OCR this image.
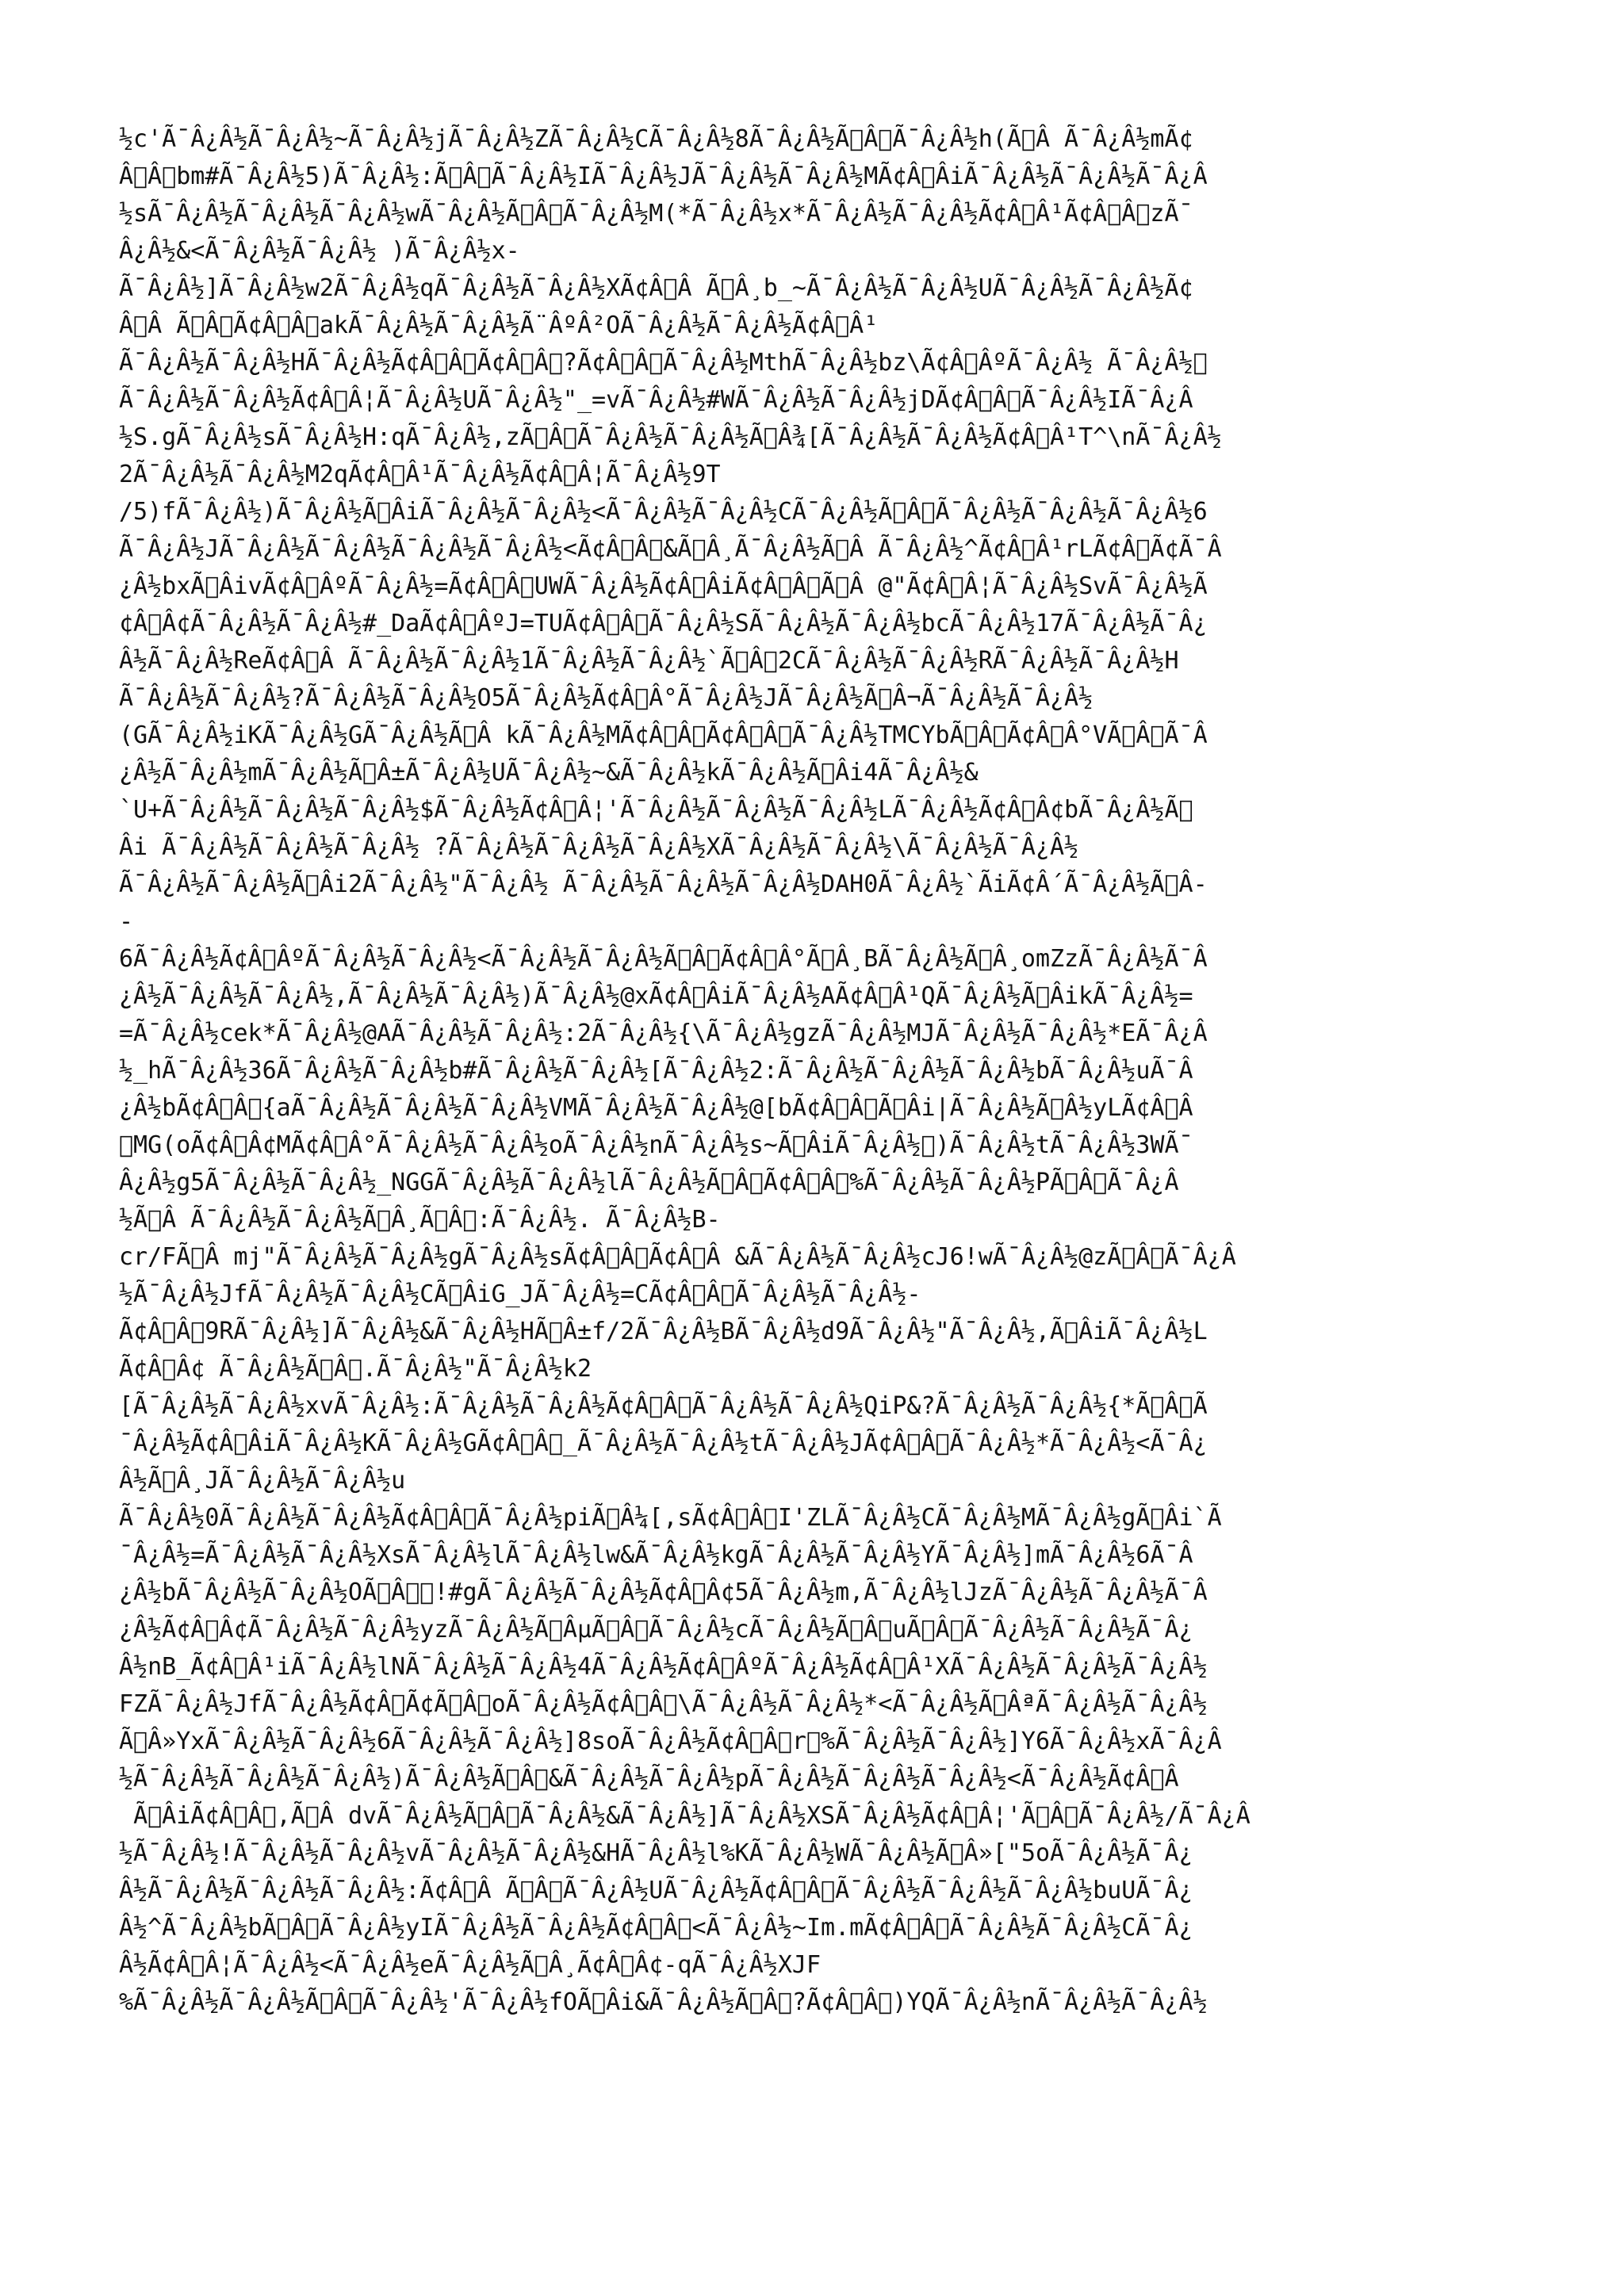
½c'Ã¯Â¿Â½Ã¯Â¿Â½~Ã¯Â¿Â½jÃ¯Â¿Â½ZÃ¯Â¿Â½CÃ¯Â¿Â½8Ã¯Â¿Â½Ã Â Ã¯Â¿Â½h(Ã Â Ã¯Â¿Â½mÃ¢
Â Â bm#Ã¯Â¿Â½5)Ã¯Â¿Â½:Ã Â Ã¯Â¿Â½IÃ¯Â¿Â½JÃ¯Â¿Â½Ã¯Â¿Â½MÃ¢Â ÂiÃ¯Â¿Â½Ã¯Â¿Â½Ã¯Â¿Â
½sÃ¯Â¿Â½Ã¯Â¿Â½Ã¯Â¿Â½wÃ¯Â¿Â½Ã Â Ã¯Â¿Â½M(*Ã¯Â¿Â½x*Ã¯Â¿Â½Ã¯Â¿Â½Ã¢Â Â¹Ã¢Â Â zÃ¯
Â¿Â½&<Ã¯Â¿Â½Ã¯Â¿Â½ )Ã¯Â¿Â½x-
Ã¯Â¿Â½]Ã¯Â¿Â½w2Ã¯Â¿Â½qÃ¯Â¿Â½Ã¯Â¿Â½XÃ¢Â Â Ã Â¸b_~Ã¯Â¿Â½Ã¯Â¿Â½UÃ¯Â¿Â½Ã¯Â¿Â½Ã¢
Â Â Ã Â Ã¢Â Â akÃ¯Â¿Â½Ã¯Â¿Â½Ã¨ÂºÂ²OÃ¯Â¿Â½Ã¯Â¿Â½Ã¢Â Â¹
Ã¯Â¿Â½Ã¯Â¿Â½HÃ¯Â¿Â½Ã¢Â Â Ã¢Â Â ?Ã¢Â Â Ã¯Â¿Â½MthÃ¯Â¿Â½bz\Ã¢Â ÂºÃ¯Â¿Â½ Ã¯Â¿Â½ 
Ã¯Â¿Â½Ã¯Â¿Â½Ã¢Â Â¦Ã¯Â¿Â½UÃ¯Â¿Â½"_=vÃ¯Â¿Â½#WÃ¯Â¿Â½Ã¯Â¿Â½jDÃ¢Â Â Ã¯Â¿Â½IÃ¯Â¿Â
½S.gÃ¯Â¿Â½sÃ¯Â¿Â½H:qÃ¯Â¿Â½,zÃ Â Ã¯Â¿Â½Ã¯Â¿Â½Ã Â¾[Ã¯Â¿Â½Ã¯Â¿Â½Ã¢Â Â¹T^\nÃ¯Â¿Â½
2Ã¯Â¿Â½Ã¯Â¿Â½M2qÃ¢Â Â¹Ã¯Â¿Â½Ã¢Â Â¦Ã¯Â¿Â½9T
/5)fÃ¯Â¿Â½)Ã¯Â¿Â½Ã ÂiÃ¯Â¿Â½Ã¯Â¿Â½<Ã¯Â¿Â½Ã¯Â¿Â½CÃ¯Â¿Â½Ã Â Ã¯Â¿Â½Ã¯Â¿Â½Ã¯Â¿Â½6
Ã¯Â¿Â½JÃ¯Â¿Â½Ã¯Â¿Â½Ã¯Â¿Â½Ã¯Â¿Â½<Ã¢Â Â &Ã Â¸Ã¯Â¿Â½Ã Â Ã¯Â¿Â½^Ã¢Â Â¹rLÃ¢Â Ã¢Ã¯Â
¿Â½bxÃ ÂivÃ¢Â ÂºÃ¯Â¿Â½=Ã¢Â Â UWÃ¯Â¿Â½Ã¢Â ÂiÃ¢Â Â Ã Â @"Ã¢Â Â¦Ã¯Â¿Â½SvÃ¯Â¿Â½Ã
¢Â Â¢Ã¯Â¿Â½Ã¯Â¿Â½#_DaÃ¢Â ÂºJ=TUÃ¢Â Â Ã¯Â¿Â½SÃ¯Â¿Â½Ã¯Â¿Â½bcÃ¯Â¿Â½17Ã¯Â¿Â½Ã¯Â¿
Â½Ã¯Â¿Â½ReÃ¢Â Â Ã¯Â¿Â½Ã¯Â¿Â½1Ã¯Â¿Â½Ã¯Â¿Â½`Ã Â 2CÃ¯Â¿Â½Ã¯Â¿Â½RÃ¯Â¿Â½Ã¯Â¿Â½H
Ã¯Â¿Â½Ã¯Â¿Â½?Ã¯Â¿Â½Ã¯Â¿Â½O5Ã¯Â¿Â½Ã¢Â Â°Ã¯Â¿Â½JÃ¯Â¿Â½Ã Â¬Ã¯Â¿Â½Ã¯Â¿Â½
(GÃ¯Â¿Â½iKÃ¯Â¿Â½GÃ¯Â¿Â½Ã Â kÃ¯Â¿Â½MÃ¢Â Â Ã¢Â Â Ã¯Â¿Â½TMCYbÃ Â Ã¢Â Â°VÃ Â Ã¯Â
¿Â½Ã¯Â¿Â½mÃ¯Â¿Â½Ã Â±Ã¯Â¿Â½UÃ¯Â¿Â½~&Ã¯Â¿Â½kÃ¯Â¿Â½Ã Âi4Ã¯Â¿Â½&
`U+Ã¯Â¿Â½Ã¯Â¿Â½Ã¯Â¿Â½$Ã¯Â¿Â½Ã¢Â Â¦'Ã¯Â¿Â½Ã¯Â¿Â½Ã¯Â¿Â½LÃ¯Â¿Â½Ã¢Â Â¢bÃ¯Â¿Â½Ã 
Âi Ã¯Â¿Â½Ã¯Â¿Â½Ã¯Â¿Â½ ?Ã¯Â¿Â½Ã¯Â¿Â½Ã¯Â¿Â½XÃ¯Â¿Â½Ã¯Â¿Â½\Ã¯Â¿Â½Ã¯Â¿Â½
Ã¯Â¿Â½Ã¯Â¿Â½Ã Âi2Ã¯Â¿Â½"Ã¯Â¿Â½ Ã¯Â¿Â½Ã¯Â¿Â½Ã¯Â¿Â½DAH0Ã¯Â¿Â½`ÃiÃ¢Â´Ã¯Â¿Â½Ã Â-
-
6Ã¯Â¿Â½Ã¢Â ÂºÃ¯Â¿Â½Ã¯Â¿Â½<Ã¯Â¿Â½Ã¯Â¿Â½Ã Â Ã¢Â Â°Ã Â¸BÃ¯Â¿Â½Ã Â¸omZzÃ¯Â¿Â½Ã¯Â
¿Â½Ã¯Â¿Â½Ã¯Â¿Â½,Ã¯Â¿Â½Ã¯Â¿Â½)Ã¯Â¿Â½@xÃ¢Â ÂiÃ¯Â¿Â½AÃ¢Â Â¹QÃ¯Â¿Â½Ã ÂikÃ¯Â¿Â½=
=Ã¯Â¿Â½cek*Ã¯Â¿Â½@AÃ¯Â¿Â½Ã¯Â¿Â½:2Ã¯Â¿Â½{\Ã¯Â¿Â½gzÃ¯Â¿Â½MJÃ¯Â¿Â½Ã¯Â¿Â½*EÃ¯Â¿Â
½_hÃ¯Â¿Â½36Ã¯Â¿Â½Ã¯Â¿Â½b#Ã¯Â¿Â½Ã¯Â¿Â½[Ã¯Â¿Â½2:Ã¯Â¿Â½Ã¯Â¿Â½Ã¯Â¿Â½bÃ¯Â¿Â½uÃ¯Â
¿Â½bÃ¢Â Â {aÃ¯Â¿Â½Ã¯Â¿Â½Ã¯Â¿Â½VMÃ¯Â¿Â½Ã¯Â¿Â½@[bÃ¢Â Â Ã Âi|Ã¯Â¿Â½Ã Â½yLÃ¢Â Â
 MG(oÃ¢Â Â¢MÃ¢Â Â°Ã¯Â¿Â½Ã¯Â¿Â½oÃ¯Â¿Â½nÃ¯Â¿Â½s~Ã ÂiÃ¯Â¿Â½ )Ã¯Â¿Â½tÃ¯Â¿Â½3WÃ¯
Â¿Â½g5Ã¯Â¿Â½Ã¯Â¿Â½_NGGÃ¯Â¿Â½Ã¯Â¿Â½lÃ¯Â¿Â½Ã Â Ã¢Â Â %Ã¯Â¿Â½Ã¯Â¿Â½PÃ Â Ã¯Â¿Â
½Ã Â Ã¯Â¿Â½Ã¯Â¿Â½Ã Â¸Ã Â :Ã¯Â¿Â½. Ã¯Â¿Â½B-
cr/FÃ Â mj"Ã¯Â¿Â½Ã¯Â¿Â½gÃ¯Â¿Â½sÃ¢Â Â Ã¢Â Â &Ã¯Â¿Â½Ã¯Â¿Â½cJ6!wÃ¯Â¿Â½@zÃ Â Ã¯Â¿Â
½Ã¯Â¿Â½JfÃ¯Â¿Â½Ã¯Â¿Â½CÃ ÂiG_JÃ¯Â¿Â½=CÃ¢Â Â Ã¯Â¿Â½Ã¯Â¿Â½-
Ã¢Â Â 9RÃ¯Â¿Â½]Ã¯Â¿Â½&Ã¯Â¿Â½HÃ Â±f/2Ã¯Â¿Â½BÃ¯Â¿Â½d9Ã¯Â¿Â½"Ã¯Â¿Â½,Ã ÂiÃ¯Â¿Â½L
Ã¢Â Â¢ Ã¯Â¿Â½Ã Â .Ã¯Â¿Â½"Ã¯Â¿Â½k2
[Ã¯Â¿Â½Ã¯Â¿Â½xvÃ¯Â¿Â½:Ã¯Â¿Â½Ã¯Â¿Â½Ã¢Â Â Ã¯Â¿Â½Ã¯Â¿Â½QiP&?Ã¯Â¿Â½Ã¯Â¿Â½{*Ã Â Ã
¯Â¿Â½Ã¢Â ÂiÃ¯Â¿Â½KÃ¯Â¿Â½GÃ¢Â Â _Ã¯Â¿Â½Ã¯Â¿Â½tÃ¯Â¿Â½JÃ¢Â Â Ã¯Â¿Â½*Ã¯Â¿Â½<Ã¯Â¿
Â½Ã Â¸JÃ¯Â¿Â½Ã¯Â¿Â½u
Ã¯Â¿Â½0Ã¯Â¿Â½Ã¯Â¿Â½Ã¢Â Â Ã¯Â¿Â½piÃ Â¼[,sÃ¢Â Â I'ZLÃ¯Â¿Â½CÃ¯Â¿Â½MÃ¯Â¿Â½gÃ Âi`Ã
¯Â¿Â½=Ã¯Â¿Â½Ã¯Â¿Â½XsÃ¯Â¿Â½lÃ¯Â¿Â½lw&Ã¯Â¿Â½kgÃ¯Â¿Â½Ã¯Â¿Â½YÃ¯Â¿Â½]mÃ¯Â¿Â½6Ã¯Â
¿Â½bÃ¯Â¿Â½Ã¯Â¿Â½OÃ Â  !#gÃ¯Â¿Â½Ã¯Â¿Â½Ã¢Â Â¢5Ã¯Â¿Â½m,Ã¯Â¿Â½lJzÃ¯Â¿Â½Ã¯Â¿Â½Ã¯Â
¿Â½Ã¢Â Â¢Ã¯Â¿Â½Ã¯Â¿Â½yzÃ¯Â¿Â½Ã ÂµÃ Â Ã¯Â¿Â½cÃ¯Â¿Â½Ã Â uÃ Â Ã¯Â¿Â½Ã¯Â¿Â½Ã¯Â¿
Â½nB_Ã¢Â Â¹iÃ¯Â¿Â½lNÃ¯Â¿Â½Ã¯Â¿Â½4Ã¯Â¿Â½Ã¢Â ÂºÃ¯Â¿Â½Ã¢Â Â¹XÃ¯Â¿Â½Ã¯Â¿Â½Ã¯Â¿Â½
FZÃ¯Â¿Â½JfÃ¯Â¿Â½Ã¢Â Ã¢Ã Â oÃ¯Â¿Â½Ã¢Â Â \Ã¯Â¿Â½Ã¯Â¿Â½*<Ã¯Â¿Â½Ã ÂªÃ¯Â¿Â½Ã¯Â¿Â½
Ã Â»YxÃ¯Â¿Â½Ã¯Â¿Â½6Ã¯Â¿Â½Ã¯Â¿Â½]8soÃ¯Â¿Â½Ã¢Â Â r %Ã¯Â¿Â½Ã¯Â¿Â½]Y6Ã¯Â¿Â½xÃ¯Â¿Â
½Ã¯Â¿Â½Ã¯Â¿Â½Ã¯Â¿Â½)Ã¯Â¿Â½Ã Â &Ã¯Â¿Â½Ã¯Â¿Â½pÃ¯Â¿Â½Ã¯Â¿Â½Ã¯Â¿Â½<Ã¯Â¿Â½Ã¢Â Â
Ã ÂiÃ¢Â Â ,Ã Â dvÃ¯Â¿Â½Ã Â Ã¯Â¿Â½&Ã¯Â¿Â½]Ã¯Â¿Â½XSÃ¯Â¿Â½Ã¢Â Â¦'Ã Â Ã¯Â¿Â½/Ã¯Â¿Â
½Ã¯Â¿Â½!Ã¯Â¿Â½Ã¯Â¿Â½vÃ¯Â¿Â½Ã¯Â¿Â½&HÃ¯Â¿Â½l%KÃ¯Â¿Â½WÃ¯Â¿Â½Ã Â»["5oÃ¯Â¿Â½Ã¯Â¿
Â½Ã¯Â¿Â½Ã¯Â¿Â½Ã¯Â¿Â½:Ã¢Â Â Ã Â Ã¯Â¿Â½UÃ¯Â¿Â½Ã¢Â Â Ã¯Â¿Â½Ã¯Â¿Â½Ã¯Â¿Â½buUÃ¯Â¿
Â½^Ã¯Â¿Â½bÃ Â Ã¯Â¿Â½yIÃ¯Â¿Â½Ã¯Â¿Â½Ã¢Â Â <Ã¯Â¿Â½~Im.mÃ¢Â Â Ã¯Â¿Â½Ã¯Â¿Â½CÃ¯Â¿
Â½Ã¢Â Â¦Ã¯Â¿Â½<Ã¯Â¿Â½eÃ¯Â¿Â½Ã Â¸Ã¢Â Â¢-qÃ¯Â¿Â½XJF
%Ã¯Â¿Â½Ã¯Â¿Â½Ã Â Ã¯Â¿Â½'Ã¯Â¿Â½fOÃ Âi&Ã¯Â¿Â½Ã Â ?Ã¢Â Â )YQÃ¯Â¿Â½nÃ¯Â¿Â½Ã¯Â¿Â½
